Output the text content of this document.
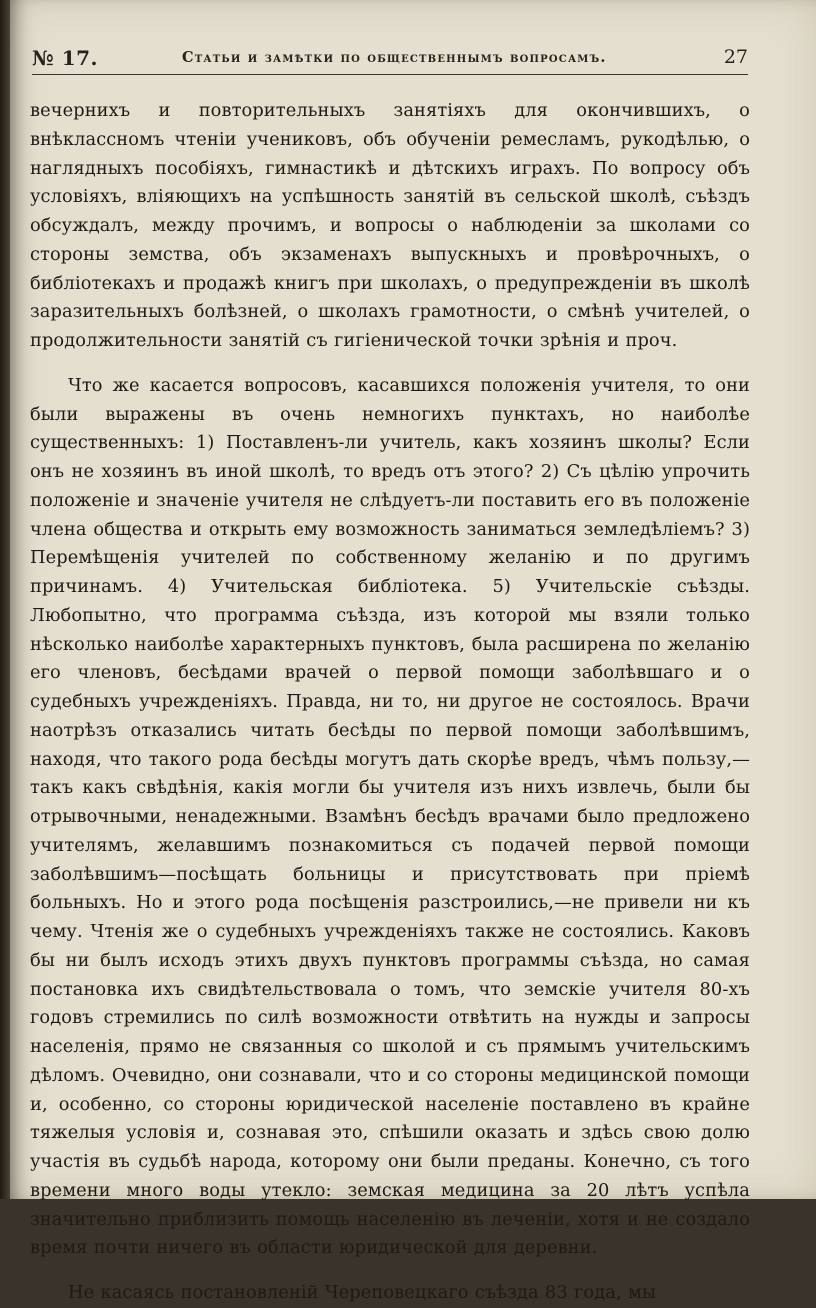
№ 17.	Статьи и замѣтки по общественнымъ вопросамъ.	27

вечернихъ и повторительныхъ занятіяхъ для окончившихъ, о внѣклассномъ чтеніи учениковъ, объ обученіи ремесламъ, рукодѣлью, о наглядныхъ пособіяхъ, гимнастикѣ и дѣтскихъ играхъ. По вопросу объ условіяхъ, вліяющихъ на успѣшность занятій въ сельской школѣ, съѣздъ обсуждалъ, между прочимъ, и вопросы о наблюденіи за школами со стороны земства, объ экзаменахъ выпускныхъ и провѣрочныхъ, о библіотекахъ и продажѣ книгъ при школахъ, о предупрежденіи въ школѣ заразительныхъ болѣзней, о школахъ грамотности, о смѣнѣ учителей, о продолжительности занятій съ гигіенической точки зрѣнія и проч.

Что же касается вопросовъ, касавшихся положенія учителя, то они были выражены въ очень немногихъ пунктахъ, но наиболѣе существенныхъ: 1) Поставленъ-ли учитель, какъ хозяинъ школы? Если онъ не хозяинъ въ иной школѣ, то вредъ отъ этого? 2) Съ цѣлію упрочить положеніе и значеніе учителя не слѣдуетъ-ли поставить его въ положеніе члена общества и открыть ему возможность заниматься земледѣліемъ? 3) Перемѣщенія учителей по собственному желанію и по другимъ причинамъ. 4) Учительская библіотека. 5) Учительскіе съѣзды. Любопытно, что программа съѣзда, изъ которой мы взяли только нѣсколько наиболѣе характерныхъ пунктовъ, была расширена по желанію его членовъ, бесѣдами врачей о первой помощи заболѣвшаго и о судебныхъ учрежденіяхъ. Правда, ни то, ни другое не состоялось. Врачи наотрѣзъ отказались читать бесѣды по первой помощи заболѣвшимъ, находя, что такого рода бесѣды могутъ дать скорѣе вредъ, чѣмъ пользу,—такъ какъ свѣдѣнія, какія могли бы учителя изъ нихъ извлечь, были бы отрывочными, ненадежными. Взамѣнъ бесѣдъ врачами было предложено учителямъ, желавшимъ познакомиться съ подачей первой помощи заболѣвшимъ—посѣщать больницы и присутствовать при пріемѣ больныхъ. Но и этого рода посѣщенія разстроились,—не привели ни къ чему. Чтенія же о судебныхъ учрежденіяхъ также не состоялись. Каковъ бы ни былъ исходъ этихъ двухъ пунктовъ программы съѣзда, но самая постановка ихъ свидѣтельствовала о томъ, что земскіе учителя 80-хъ годовъ стремились по силѣ возможности отвѣтить на нужды и запросы населенія, прямо не связанныя со школой и съ прямымъ учительскимъ дѣломъ. Очевидно, они сознавали, что и со стороны медицинской помощи и, особенно, со стороны юридической населеніе поставлено въ крайне тяжелыя условія и, сознавая это, спѣшили оказать и здѣсь свою долю участія въ судьбѣ народа, которому они были преданы. Конечно, съ того времени много воды утекло: земская медицина за 20 лѣтъ успѣла значительно приблизить помощь населенію въ леченіи, хотя и не создало время почти ничего въ области юридической для деревни.

Не касаясь постановленій Череповецкаго съѣзда 83 года, мы
